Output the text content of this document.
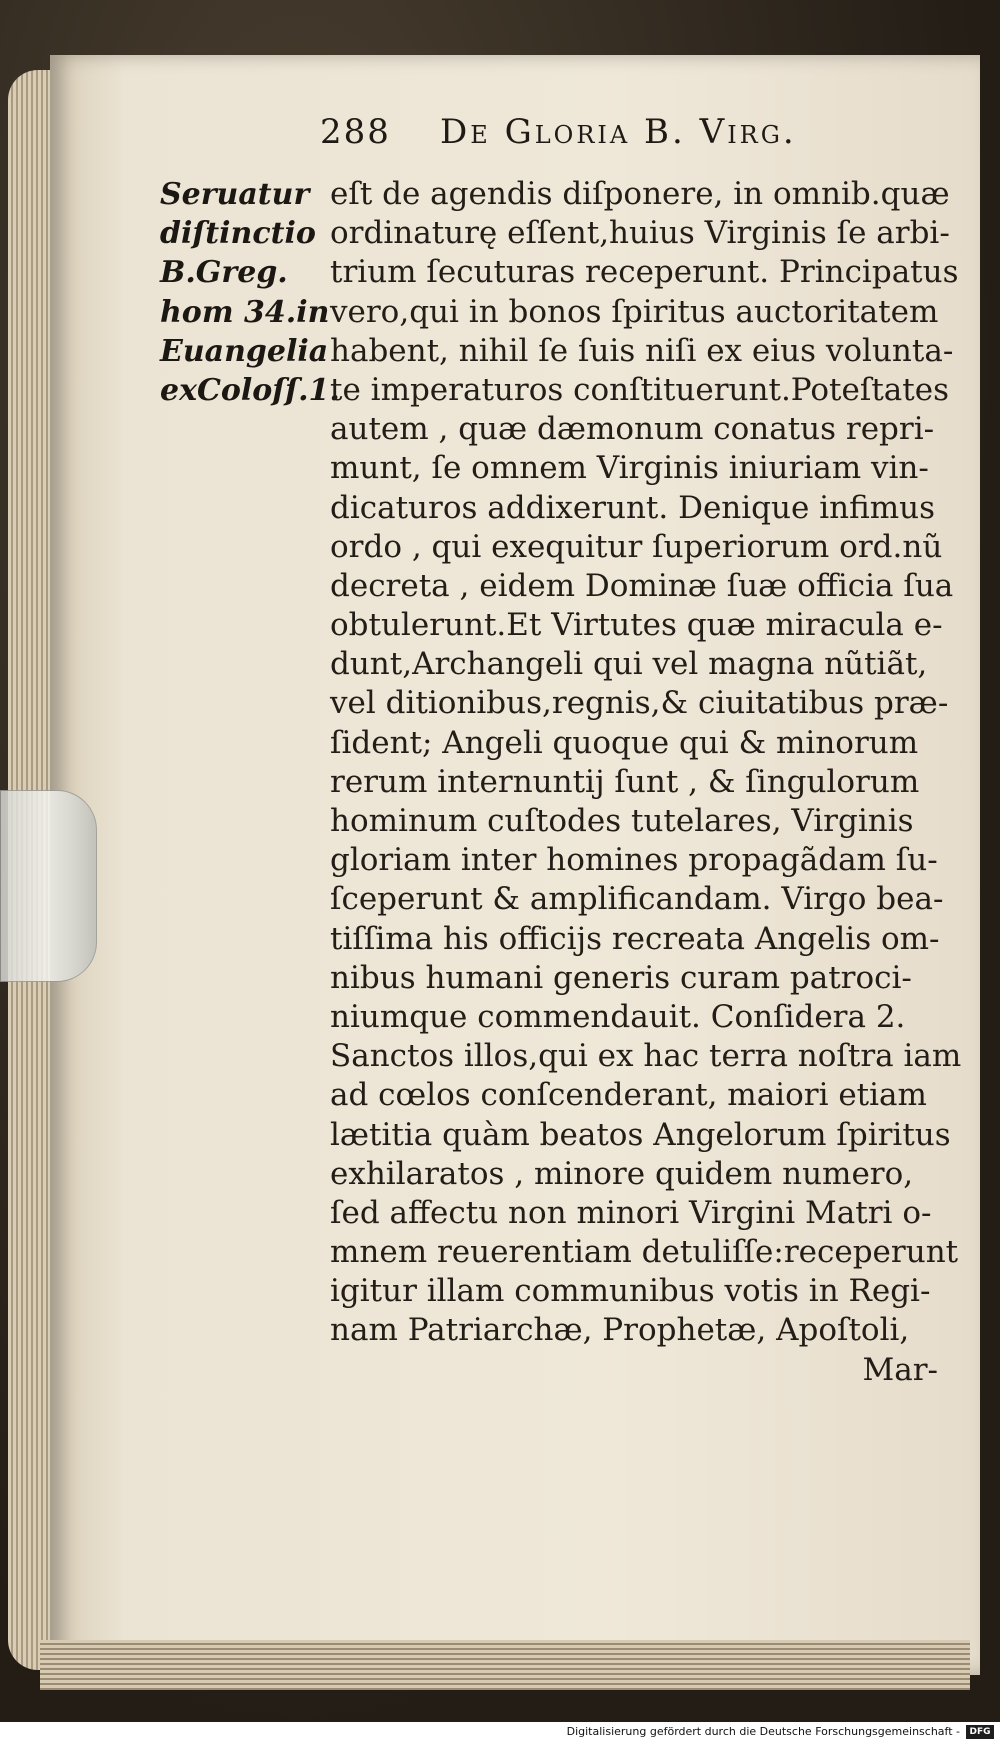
288 De Gloria B. Virg.
Seruatur
diſtinctio
B.Greg.
hom 34.in
Euangelia
exColoſſ.1.
eſt de agendis diſponere, in omnib.quæ
ordinaturę eſſent,huius Virginis ſe arbi-
trium ſecuturas receperunt. Principatus
vero,qui in bonos ſpiritus auctoritatem
habent, nihil ſe ſuis niſi ex eius volunta-
te imperaturos conſtituerunt.Poteſtates
autem , quæ dæmonum conatus repri-
munt, ſe omnem Virginis iniuriam vin-
dicaturos addixerunt. Denique infimus
ordo , qui exequitur ſuperiorum ord.nũ
decreta , eidem Dominæ ſuæ officia ſua
obtulerunt.Et Virtutes quæ miracula e-
dunt,Archangeli qui vel magna nũtiãt,
vel ditionibus,regnis,& ciuitatibus præ-
ſident; Angeli quoque qui & minorum
rerum internuntij ſunt , & ſingulorum
hominum cuſtodes tutelares, Virginis
gloriam inter homines propagãdam ſu-
ſceperunt & amplificandam. Virgo bea-
tiſſima his officijs recreata Angelis om-
nibus humani generis curam patroci-
niumque commendauit. Conſidera 2.
Sanctos illos,qui ex hac terra noſtra iam
ad cœlos conſcenderant, maiori etiam
lætitia quàm beatos Angelorum ſpiritus
exhilaratos , minore quidem numero,
ſed affectu non minori Virgini Matri o-
mnem reuerentiam detuliſſe:receperunt
igitur illam communibus votis in Regi-
nam Patriarchæ, Prophetæ, Apoſtoli,
Mar-
Digitalisierung gefördert durch die Deutsche Forschungsgemeinschaft -	DFG
